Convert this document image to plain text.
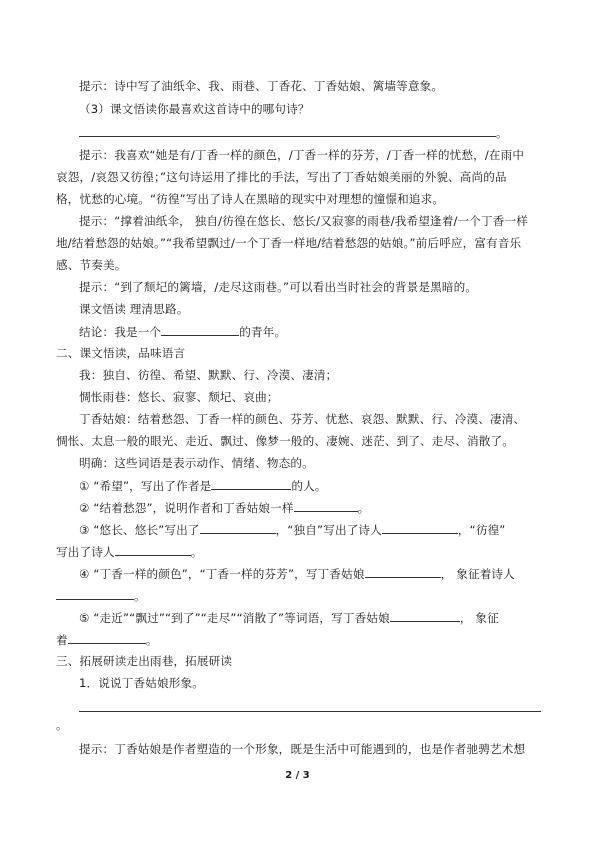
提示：诗中写了油纸伞、我、雨巷、丁香花、丁香姑娘、篱墙等意象。
（3）课文悟读你最喜欢这首诗中的哪句诗？
。
提示：我喜欢“她是有/丁香一样的颜色，/丁香一样的芬芳，/丁香一样的忧愁，/在雨中
哀怨，/哀怨又彷徨；”这句诗运用了排比的手法，写出了丁香姑娘美丽的外貌、高尚的品
格，忧愁的心境。“彷徨”写出了诗人在黑暗的现实中对理想的憧憬和追求。
提示：“撑着油纸伞， 独自/彷徨在悠长、悠长/又寂寥的雨巷/我希望逢着/一个丁香一样
地/结着愁怨的姑娘。”“我希望飘过/一个丁香一样地/结着愁怨的姑娘。”前后呼应，富有音乐
感、节奏美。
提示：“到了颓圮的篱墙，/走尽这雨巷。”可以看出当时社会的背景是黑暗的。
课文悟读 理清思路。
结论：我是一个	的青年。
二、课文悟读，品味语言
我：独自、彷徨、希望、默默、行、冷漠、凄清；
惆怅雨巷：悠长、寂寥、颓圮、哀曲；
丁香姑娘：结着愁怨、丁香一样的颜色、芬芳、忧愁、哀怨、默默、行、冷漠、凄清、
惆怅、太息一般的眼光、走近、飘过、像梦一般的、凄婉、迷茫、到了、走尽、消散了。
明确：这些词语是表示动作、情绪、物态的。
① “希望”，写出了作者是	的人。
② “结着愁怨”，说明作者和丁香姑娘一样	。
③ “悠长、悠长”写出了	，“独自”写出了诗人	，“彷徨”
写出了诗人	。
④ “丁香一样的颜色”，“丁香一样的芬芳”，写丁香姑娘	， 象征着诗人
。
⑤ “走近”“飘过”“到了”“走尽”“消散了”等词语，写丁香姑娘	， 象征
着	。
三、拓展研读走出雨巷，拓展研读
1．说说丁香姑娘形象。
。
提示：丁香姑娘是作者塑造的一个形象，既是生活中可能遇到的，也是作者驰骋艺术想
2 / 3
